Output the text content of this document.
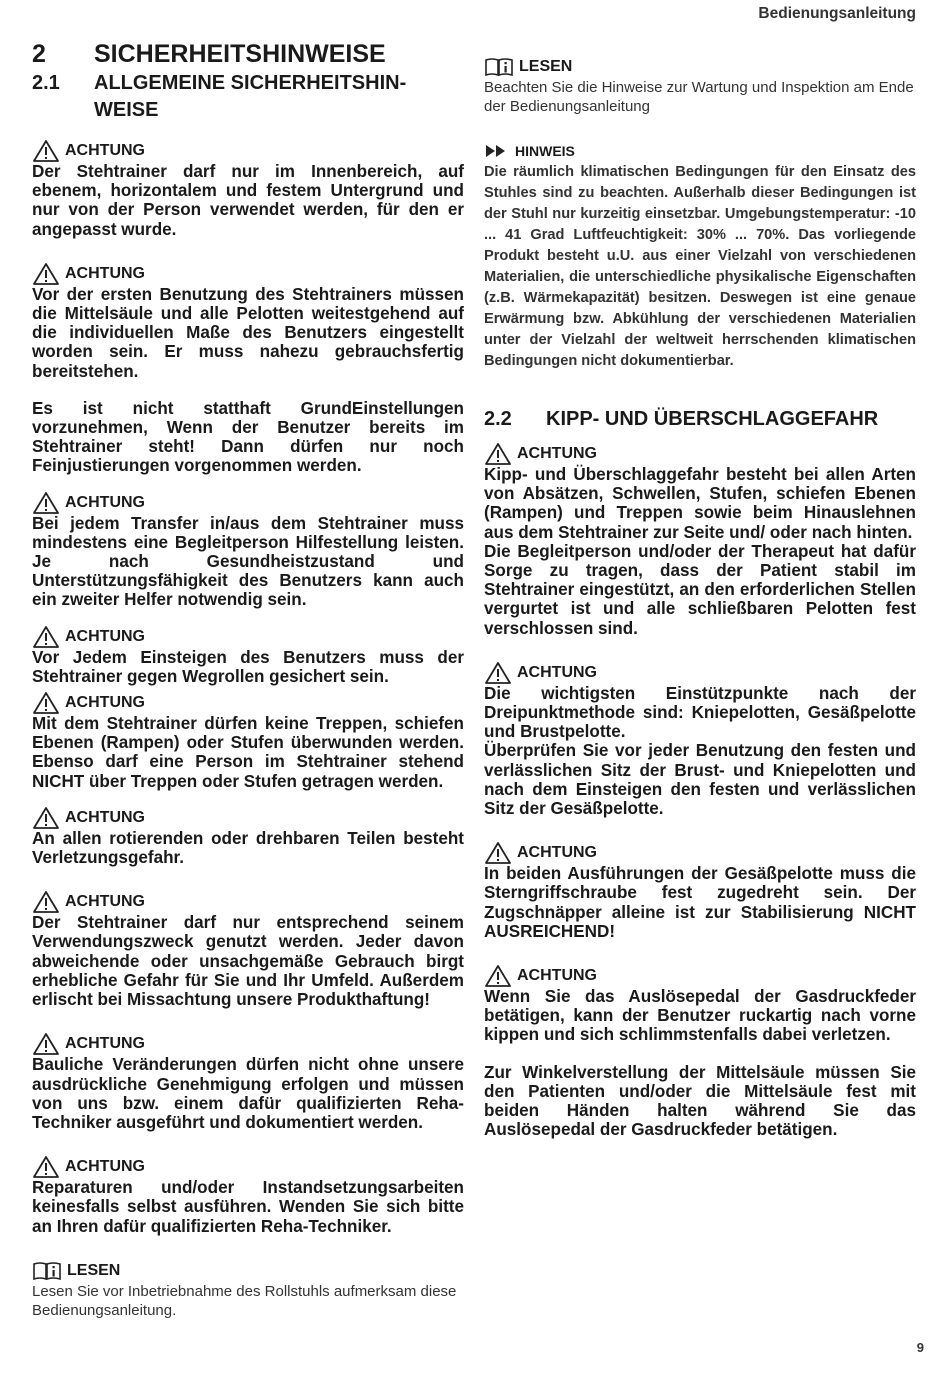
Bedienungsanleitung
2	SICHERHEITSHINWEISE
2.1	ALLGEMEINE SICHERHEITSHIN-WEISE
ACHTUNG

Der Stehtrainer darf nur im Innenbereich, auf ebenem, horizontalem und festem Untergrund und nur von der Person verwendet werden, für den er angepasst wurde.

ACHTUNG

Vor der ersten Benutzung des Stehtrainers müssen die Mittelsäule und alle Pelotten weitestgehend auf die individuellen Maße des Benutzers eingestellt worden sein. Er muss nahezu gebrauchsfertig bereitstehen.

Es ist nicht statthaft GrundEinstellungen vorzunehmen, Wenn der Benutzer bereits im Stehtrainer steht! Dann dürfen nur noch Feinjustierungen vorgenommen werden.

ACHTUNG

Bei jedem Transfer in/aus dem Stehtrainer muss mindestens eine Begleitperson Hilfestellung leisten. Je nach Gesundheistzustand und Unterstützungsfähigkeit des Benutzers kann auch ein zweiter Helfer notwendig sein.

ACHTUNG

Vor Jedem Einsteigen des Benutzers muss der Stehtrainer gegen Wegrollen gesichert sein.

ACHTUNG

Mit dem Stehtrainer dürfen keine Treppen, schiefen Ebenen (Rampen) oder Stufen überwunden werden. Ebenso darf eine Person im Stehtrainer stehend NICHT über Treppen oder Stufen getragen werden.

ACHTUNG

An allen rotierenden oder drehbaren Teilen besteht Verletzungsgefahr.

ACHTUNG

Der Stehtrainer darf nur entsprechend seinem Verwendungszweck genutzt werden. Jeder davon abweichende oder unsachgemäße Gebrauch birgt erhebliche Gefahr für Sie und Ihr Umfeld. Außerdem erlischt bei Missachtung unsere Produkthaftung!

ACHTUNG

Bauliche Veränderungen dürfen nicht ohne unsere ausdrückliche Genehmigung erfolgen und müssen von uns bzw. einem dafür qualifizierten Reha-Techniker ausgeführt und dokumentiert werden.

ACHTUNG

Reparaturen und/oder Instandsetzungsarbeiten keinesfalls selbst ausführen. Wenden Sie sich bitte an Ihren dafür qualifizierten Reha-Techniker.

LESEN

Lesen Sie vor Inbetriebnahme des Rollstuhls aufmerksam diese Bedienungsanleitung.

LESEN

Beachten Sie die Hinweise zur Wartung und Inspektion am Ende der Bedienungsanleitung

HINWEIS

Die räumlich klimatischen Bedingungen für den Einsatz des Stuhles sind zu beachten. Außerhalb dieser Bedingungen ist der Stuhl nur kurzeitig einsetzbar. Umgebungstemperatur: -10 ... 41 Grad Luftfeuchtigkeit: 30% ... 70%. Das vorliegende Produkt besteht u.U. aus einer Vielzahl von verschiedenen Materialien, die unterschiedliche physikalische Eigenschaften (z.B. Wärmekapazität) besitzen. Deswegen ist eine genaue Erwärmung bzw. Abkühlung der verschiedenen Materialien unter der Vielzahl der weltweit herrschenden klimatischen Bedingungen nicht dokumentierbar.

2.2	KIPP- UND ÜBERSCHLAGGEFAHR
ACHTUNG

Kipp- und Überschlaggefahr besteht bei allen Arten von Absätzen, Schwellen, Stufen, schiefen Ebenen (Rampen) und Treppen sowie beim Hinauslehnen aus dem Stehtrainer zur Seite und/ oder nach hinten.
Die Begleitperson und/oder der Therapeut hat dafür Sorge zu tragen, dass der Patient stabil im Stehtrainer eingestützt, an den erforderlichen Stellen vergurtet ist und alle schließbaren Pelotten fest verschlossen sind.

ACHTUNG

Die wichtigsten Einstützpunkte nach der Dreipunktmethode sind: Kniepelotten, Gesäßpelotte und Brustpelotte.
Überprüfen Sie vor jeder Benutzung den festen und verlässlichen Sitz der Brust- und Kniepelotten und nach dem Einsteigen den festen und verlässlichen Sitz der Gesäßpelotte.

ACHTUNG

In beiden Ausführungen der Gesäßpelotte muss die Sterngriffschraube fest zugedreht sein. Der Zugschnäpper alleine ist zur Stabilisierung NICHT AUSREICHEND!

ACHTUNG

Wenn Sie das Auslösepedal der Gasdruckfeder betätigen, kann der Benutzer ruckartig nach vorne kippen und sich schlimmstenfalls dabei verletzen.

Zur Winkelverstellung der Mittelsäule müssen Sie den Patienten und/oder die Mittelsäule fest mit beiden Händen halten während Sie das Auslösepedal der Gasdruckfeder betätigen.

9
